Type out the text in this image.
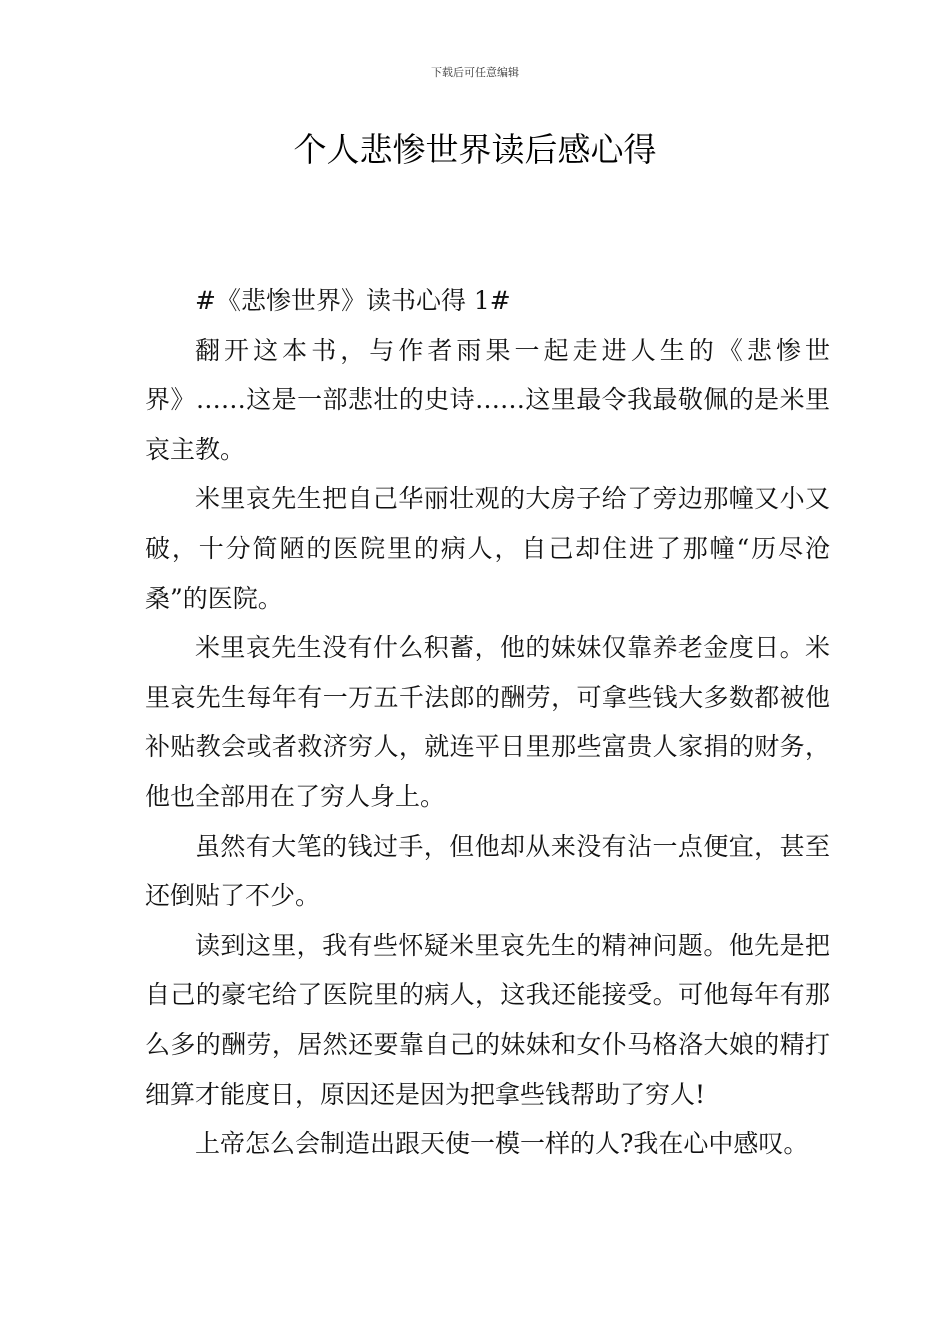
下载后可任意编辑
个人悲惨世界读后感心得

#《悲惨世界》读书心得 1#

翻开这本书，与作者雨果一起走进人生的《悲惨世界》……这是一部悲壮的史诗……这里最令我最敬佩的是米里哀主教。

米里哀先生把自己华丽壮观的大房子给了旁边那幢又小又破，十分简陋的医院里的病人，自己却住进了那幢“历尽沧桑”的医院。

米里哀先生没有什么积蓄，他的妹妹仅靠养老金度日。米里哀先生每年有一万五千法郎的酬劳，可拿些钱大多数都被他补贴教会或者救济穷人，就连平日里那些富贵人家捐的财务，他也全部用在了穷人身上。

虽然有大笔的钱过手，但他却从来没有沾一点便宜，甚至还倒贴了不少。

读到这里，我有些怀疑米里哀先生的精神问题。他先是把自己的豪宅给了医院里的病人，这我还能接受。可他每年有那么多的酬劳，居然还要靠自己的妹妹和女仆马格洛大娘的精打细算才能度日，原因还是因为把拿些钱帮助了穷人!

上帝怎么会制造出跟天使一模一样的人?我在心中感叹。
